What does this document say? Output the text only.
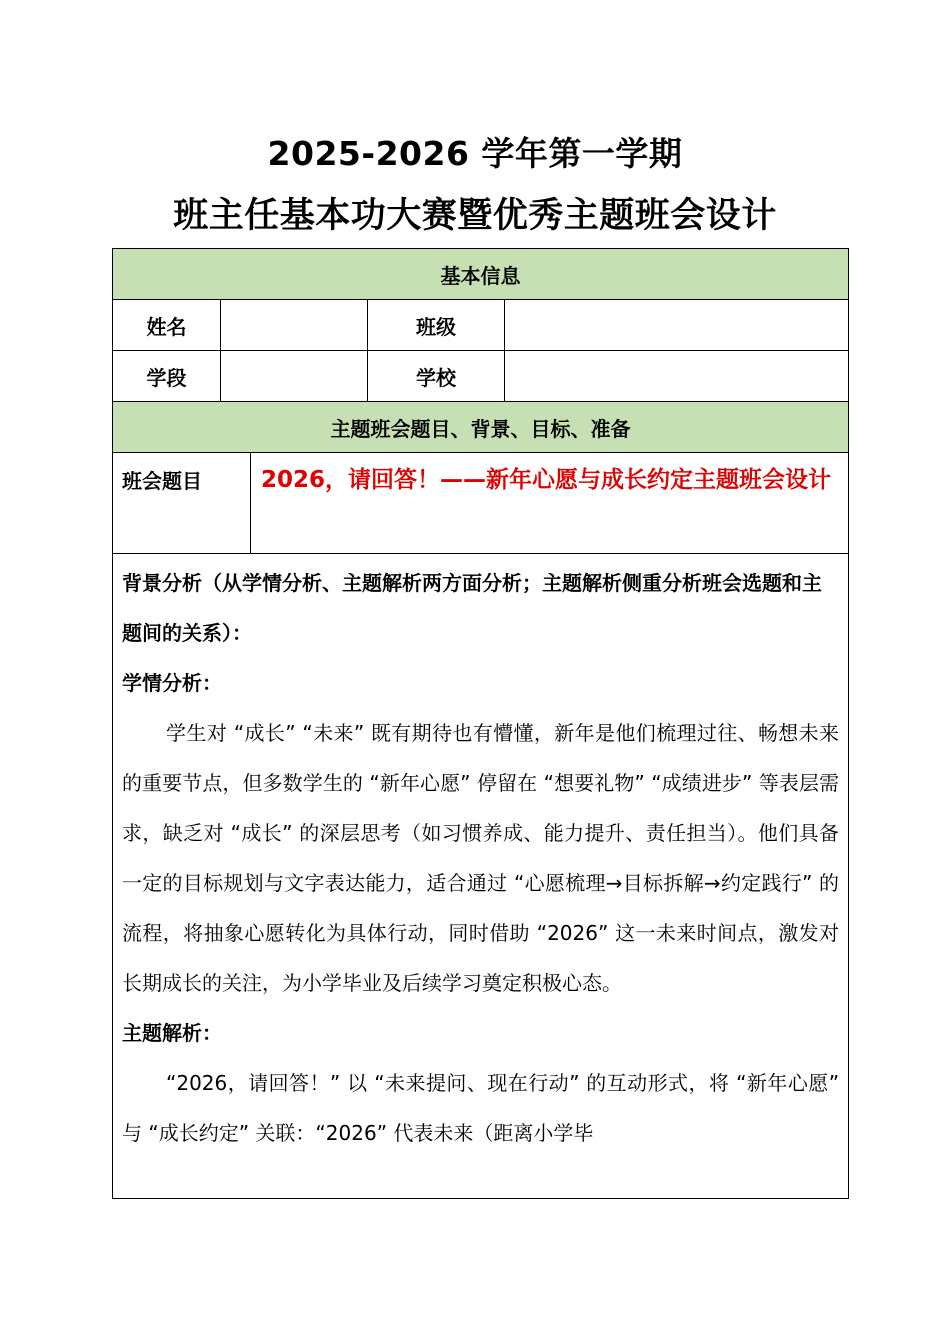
2025-2026 学年第一学期
班主任基本功大赛暨优秀主题班会设计
基本信息				
姓名			班级	
学段			学校	
主题班会题目、背景、目标、准备				
班会题目		2026，请回答！——新年心愿与成长约定主题班会设计		

背景分析（从学情分析、主题解析两方面分析；主题解析侧重分析班会选题和主题间的关系）：

学情分析：

学生对 “成长” “未来” 既有期待也有懵懂，新年是他们梳理过往、畅想未来的重要节点，但多数学生的 “新年心愿” 停留在 “想要礼物” “成绩进步” 等表层需求，缺乏对 “成长” 的深层思考（如习惯养成、能力提升、责任担当）。他们具备一定的目标规划与文字表达能力，适合通过 “心愿梳理→目标拆解→约定践行” 的流程，将抽象心愿转化为具体行动，同时借助 “2026” 这一未来时间点，激发对长期成长的关注，为小学毕业及后续学习奠定积极心态。

主题解析：

“2026，请回答！” 以 “未来提问、现在行动” 的互动形式，将 “新年心愿” 与 “成长约定” 关联：“2026” 代表未来（距离小学毕				
